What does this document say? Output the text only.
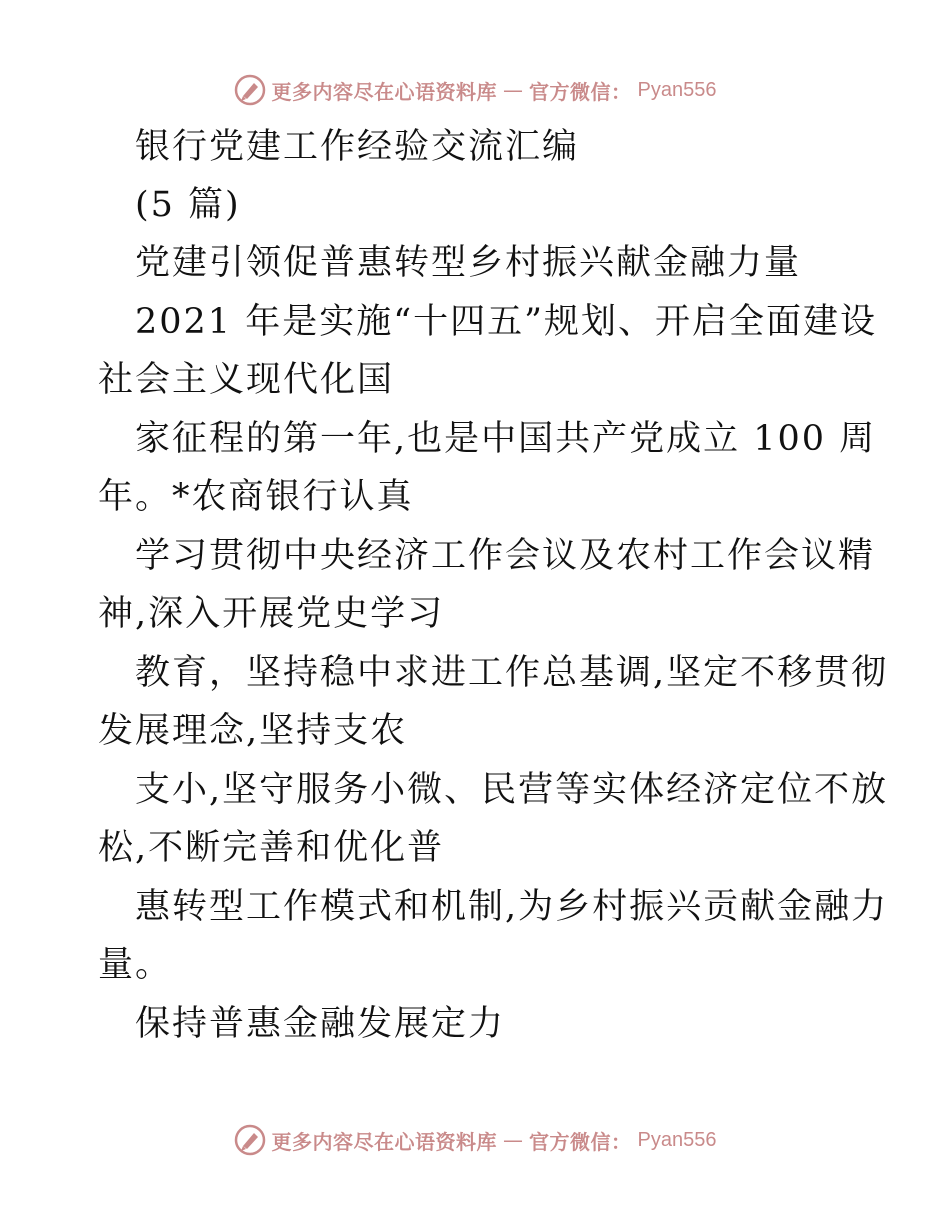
更多内容尽在心语资料库 — 官方微信： Pyan556
银行党建工作经验交流汇编
(5 篇)
党建引领促普惠转型乡村振兴献金融力量
2021 年是实施“十四五”规划、开启全面建设
社会主义现代化国
家征程的第一年,也是中国共产党成立 100 周
年。*农商银行认真
学习贯彻中央经济工作会议及农村工作会议精
神,深入开展党史学习
教育，坚持稳中求进工作总基调,坚定不移贯彻
发展理念,坚持支农
支小,坚守服务小微、民营等实体经济定位不放
松,不断完善和优化普
惠转型工作模式和机制,为乡村振兴贡献金融力
量。
保持普惠金融发展定力
更多内容尽在心语资料库 — 官方微信： Pyan556
